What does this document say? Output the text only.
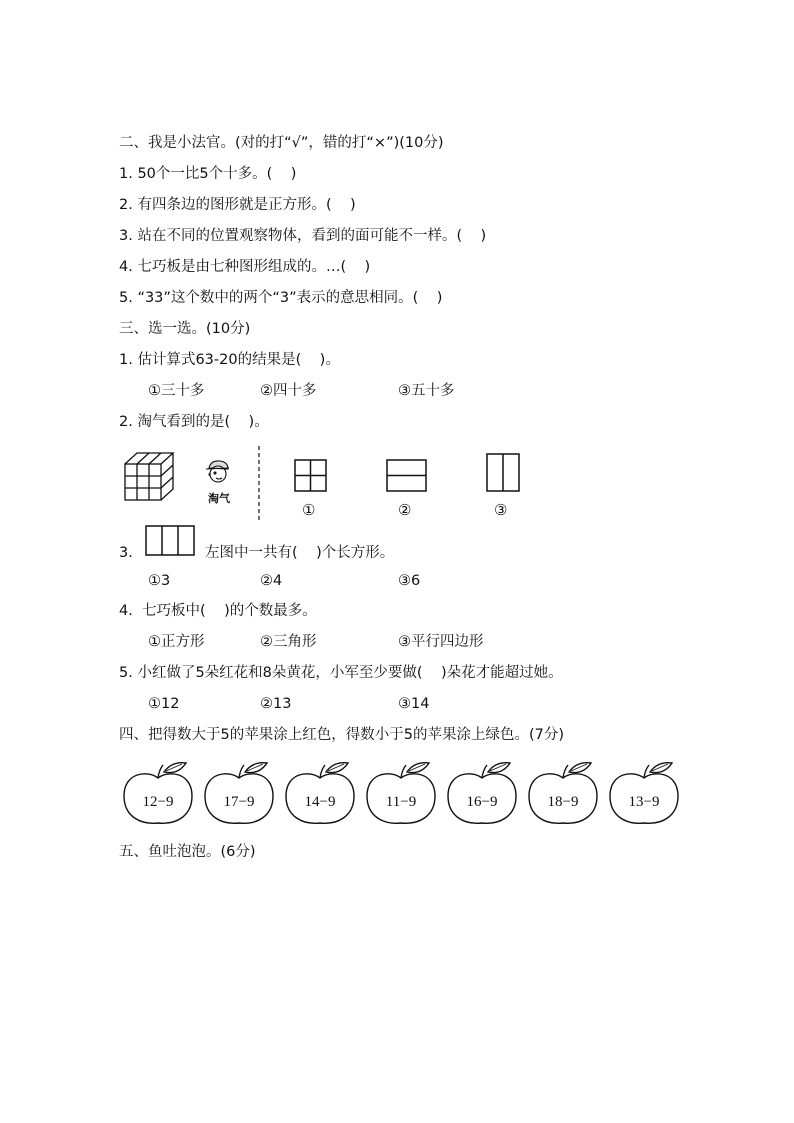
二、我是小法官。(对的打“√”，错的打“×”)(10分)
1. 50个一比5个十多。(    )
2. 有四条边的图形就是正方形。(    )
3. 站在不同的位置观察物体，看到的面可能不一样。(    )
4. 七巧板是由七种图形组成的。…(    )
5. “33”这个数中的两个“3”表示的意思相同。(    )
三、选一选。(10分)
1. 估计算式63-20的结果是(    )。
①三十多	②四十多	③五十多
2. 淘气看到的是(    )。
淘气
①	②	③
3.	左图中一共有(    )个长方形。
①3	②4	③6
4.  七巧板中(    )的个数最多。
①正方形	②三角形	③平行四边形
5. 小红做了5朵红花和8朵黄花，小军至少要做(    )朵花才能超过她。
①12	②13	③14
四、把得数大于5的苹果涂上红色，得数小于5的苹果涂上绿色。(7分)
12−9	17−9	14−9	11−9	16−9	18−9	13−9
五、鱼吐泡泡。(6分)
